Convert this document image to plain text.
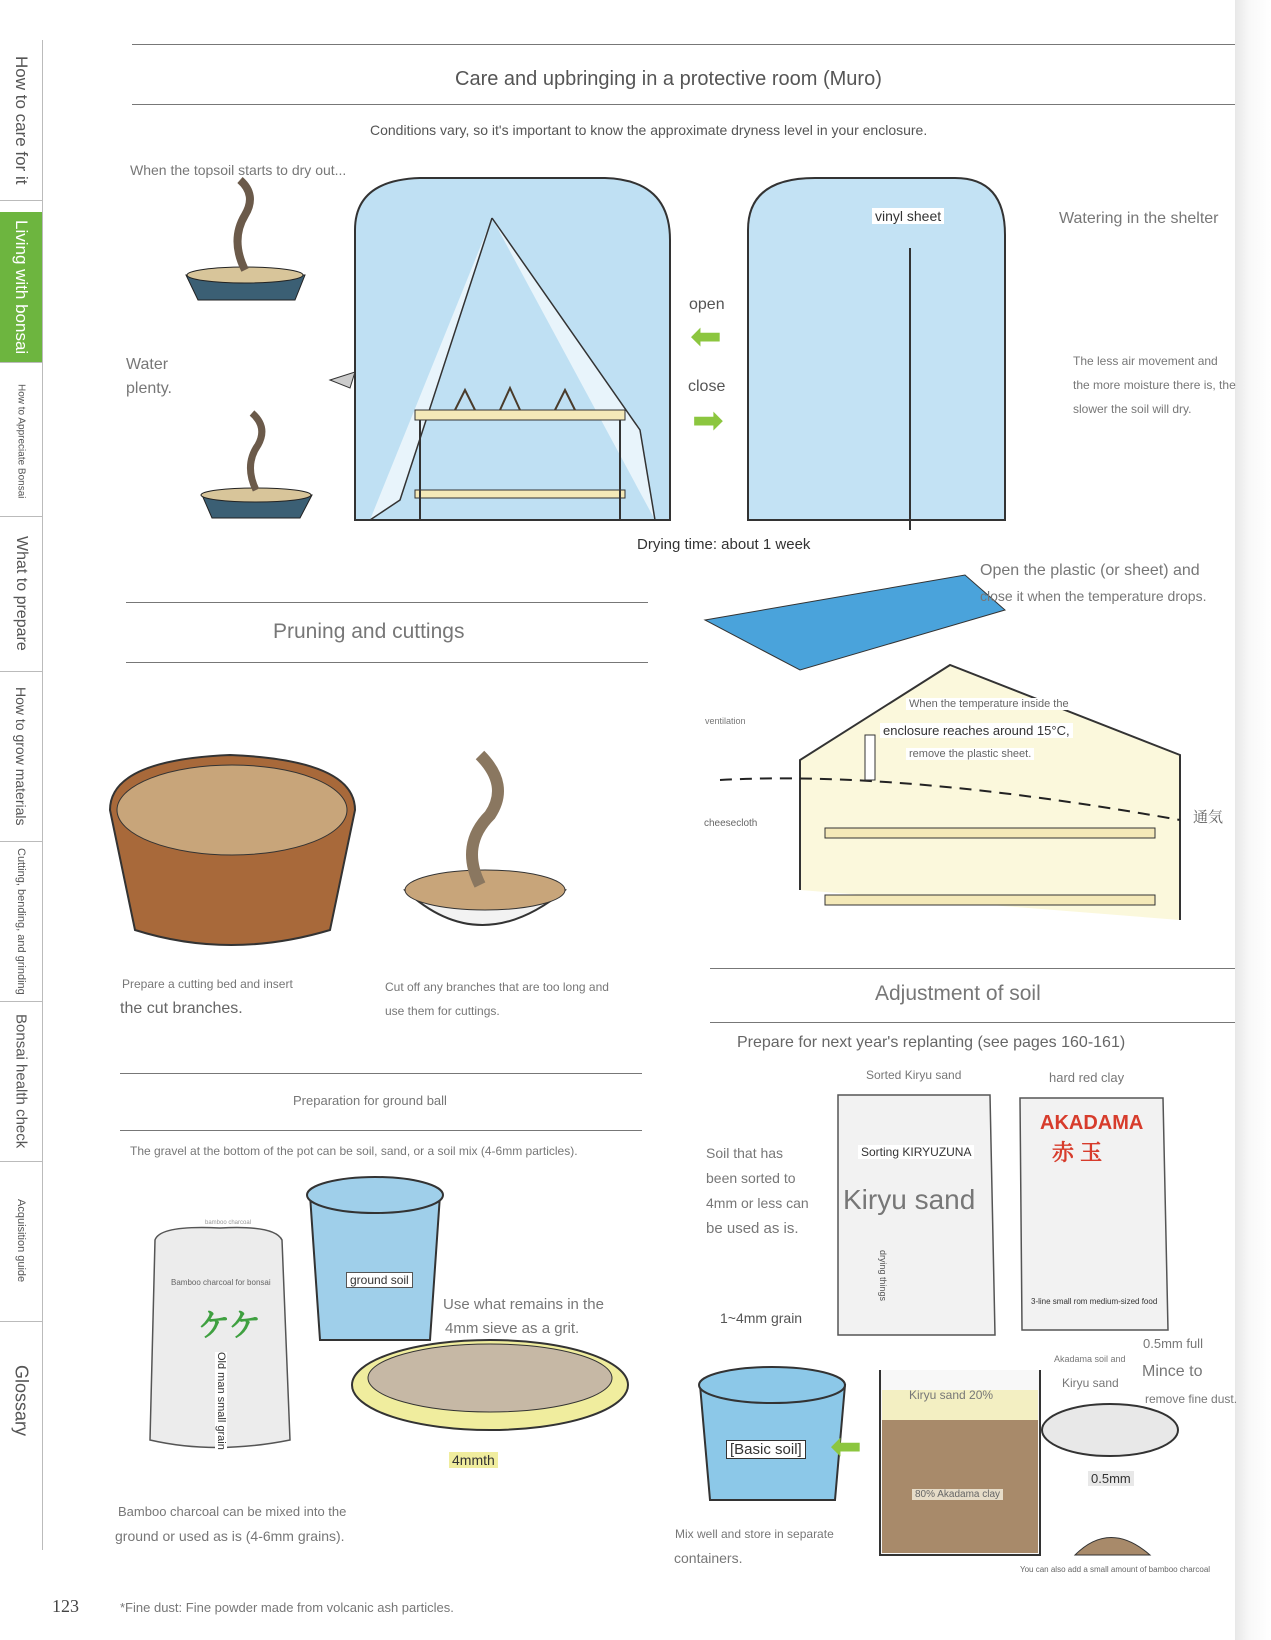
How to care for it
Living with bonsai
How to Appreciate Bonsai
What to prepare
How to grow materials
Cutting, bending, and grinding
Bonsai health check
Acquisition guide
Glossary
Care and upbringing in a protective room (Muro)
Conditions vary, so it's important to know the approximate dryness level in your enclosure.
When the topsoil starts to dry out...
Water
plenty.
open
⬅
close
➡
vinyl sheet	Watering in the shelter
The less air movement and
the more moisture there is, the
slower the soil will dry.
Drying time: about 1 week
Open the plastic (or sheet) and
close it when the temperature drops.
When the temperature inside the
enclosure reaches around 15°C,
remove the plastic sheet.
ventilation
cheesecloth	通気
Pruning and cuttings
Prepare a cutting bed and insert
the cut branches.
Cut off any branches that are too long and
use them for cuttings.
Preparation for ground ball
The gravel at the bottom of the pot can be soil, sand, or a soil mix (4-6mm particles).
bamboo charcoal
Bamboo charcoal for bonsai
ケケ
Old man small grain
ground soil
Use what remains in the
4mm sieve as a grit.
4mmth
Bamboo charcoal can be mixed into the
ground or used as is (4-6mm grains).
Adjustment of soil
Prepare for next year's replanting (see pages 160-161)
Sorted Kiryu sand	hard red clay
Soil that has
been sorted to
4mm or less can
be used as is.
Sorting KIRYUZUNA
Kiryu sand
drying things
AKADAMA
赤 玉
3-line small rom medium-sized food
1~4mm grain
[Basic soil] ⬅
Kiryu sand 20%
80% Akadama clay
Akadama soil and
Kiryu sand
0.5mm full
Mince to
remove fine dust.
0.5mm
Mix well and store in separate
containers.
You can also add a small amount of bamboo charcoal
123	*Fine dust: Fine powder made from volcanic ash particles.
